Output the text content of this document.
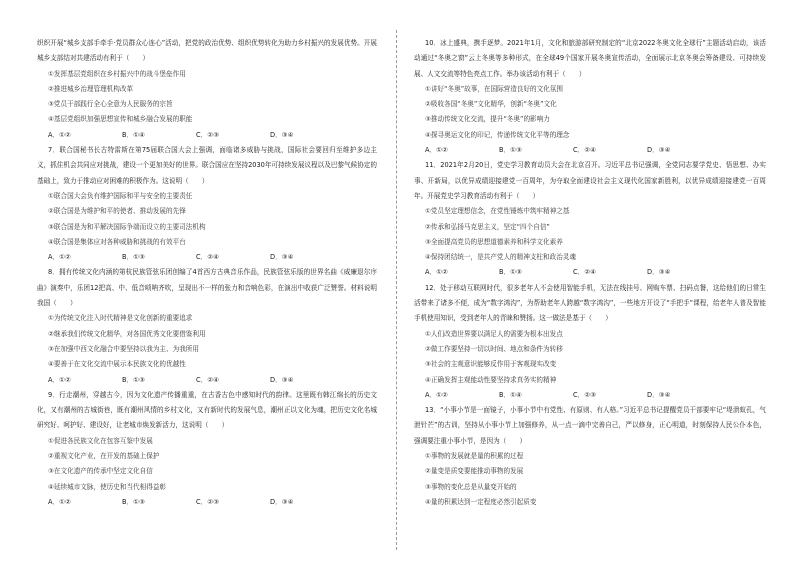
织织开展“城乡支部手牵手·党员群众心连心”活动，把党的政治优势、组织优势转化为助力乡村振兴的发展优势。开展城乡支部结对共建活动有利于（　　）

①发挥基层党组织在乡村振兴中的战斗堡垒作用

②推进城乡治理管理机构改革

③党员干部践行全心全意为人民服务的宗旨

④基层党组织加强思想宣传和城乡融合发展的职能

A．①②	B．①④	C．②③	D．③④

7．联合国秘书长古特雷斯在第75届联合国大会上强调，面临诸多威胁与挑战，国际社会要回归至维护多边主义，抓住机会共同应对挑战，建设一个更加美好的世界。联合国应在坚持2030年可持续发展议程以及巴黎气候协定的基础上，致力于推动应对困难的积极作为。这说明（　　）

①联合国大会负有维护国际和平与安全的主要责任

②联合国是为维护和平的使者、推动发展的先锋

③联合国是为和平解决国际争端而设立的主要司法机构

④联合国是集体应对各种威胁和挑战的有效平台

A．①②	B．①③	C．②④	D．③④

8．拥有传统文化内涵的第杭民族管弦乐团创编了4首西方古典音乐作品，民族管弦乐版的世界名曲《威廉退尔序曲》演奏中，乐团12把高、中、低音唢呐齐吹，呈现出不一样的张力和音响色彩，在演出中收获广泛赞誉。材料说明我国（　　）

①为传统文化注入时代精神是文化创新的重要追求

②继承我们传统文化精华，对各国优秀文化要借鉴利用

③在加强中西文化融合中要坚持以我为主、为我所用

④要善于在文化交流中展示本民族文化的优越性

A．①②	B．①③	C．②④	D．③④

9．行走潮州，穿越古今，因为文化遗产传播重重，在古香古色中感知时代的韵律。这里既有韩江绵长的历史文化，又有潮州的古城街巷，既有潮州风情的乡村文化，又有新时代的发展气息，潮州正以文化为魂，把历史文化名城研究好、呵护好、建设好，让老城市焕发新活力，这说明（　　）

①促进各民族文化在包容互鉴中发展

②重视文化产业，在开发的基础上保护

③在文化遗产的传承中坚定文化自信

④延续城市文脉，使历史和当代相得益彰

A．①②	B．①③	C．②③	D．③④

10．冰上盛典，携手逐梦。2021年1月，文化和旅游部研究制定的“北京2022冬奥文化全球行”主题活动启动，该活动通过“冬奥之窗”云上冬奥等多种形式，在全球49个国家开展冬奥宣传活动，全面展示北京冬奥会筹备建设、可持续发展、人文交流等特色亮点工作。举办该活动有利于（　　）

①讲好“冬奥”故事，在国际营造良好的文化氛围

②吸收各国“冬奥”文化精华，创新“冬奥”文化

③推动传统文化交流，提升“冬奥”的影响力

④探寻奥运文化的印记，传递传统文化平等的理念

A．①②	B．①③	C．②④	D．③④

11．2021年2月20日，党史学习教育动员大会在北京召开。习近平总书记强调，全党同志要学党史、悟思想、办实事、开新局，以优异成绩迎接建党一百周年，为夺取全面建设社会主义现代化国家新胜利，以优异成绩迎接建党一百周年。开展党史学习教育活动有利于（　　）

①党员坚定理想信念，在党性锤炼中筑牢精神之基

②传承和弘扬马克思主义，坚定“四个自信”

③全面提高党员的思想道德素养和科学文化素养

④保持团结统一，是共产党人的精神支柱和政治灵魂

A．①②	B．①③	C．②④	D．③④

12．处于移动互联网时代，很多老年人不会使用智能手机，无法在线挂号、网购车票、扫码点餐，这给他们的日常生活带来了诸多不便，成为“数字鸿沟”，为帮助老年人跨越“数字鸿沟”，一些地方开设了“手把手”课程，给老年人普及智能手机使用知识，受到老年人的青睐和赞扬。这一做法是基于（　　）

①人们改造世界要以满足人的需要为根本出发点

②做工作要坚持一切以时间、地点和条件为转移

③社会的主观意识能够反作用于客观现实改变

④正确发挥主观能动性要坚持求真务实的精神

A．①②	B．①④	C．②③	D．③④

13．“小事小节是一面镜子，小事小节中有党性、有原则、有人格。”习近平总书记提醒党员干部要牢记“堤溃蚁孔，气泄针芒”的古训，坚持从小事小节上加强修养，从一点一滴中完善自己，严以修身，正心明道，时刻保持人民公仆本色，强调要注重小事小节，是因为（　　）

①事物的发展就是量的积累的过程

②量变是质变要能推动事物的发展

③事物的变化总是从量变开始的

④量的积累达到一定程度必然引起质变
